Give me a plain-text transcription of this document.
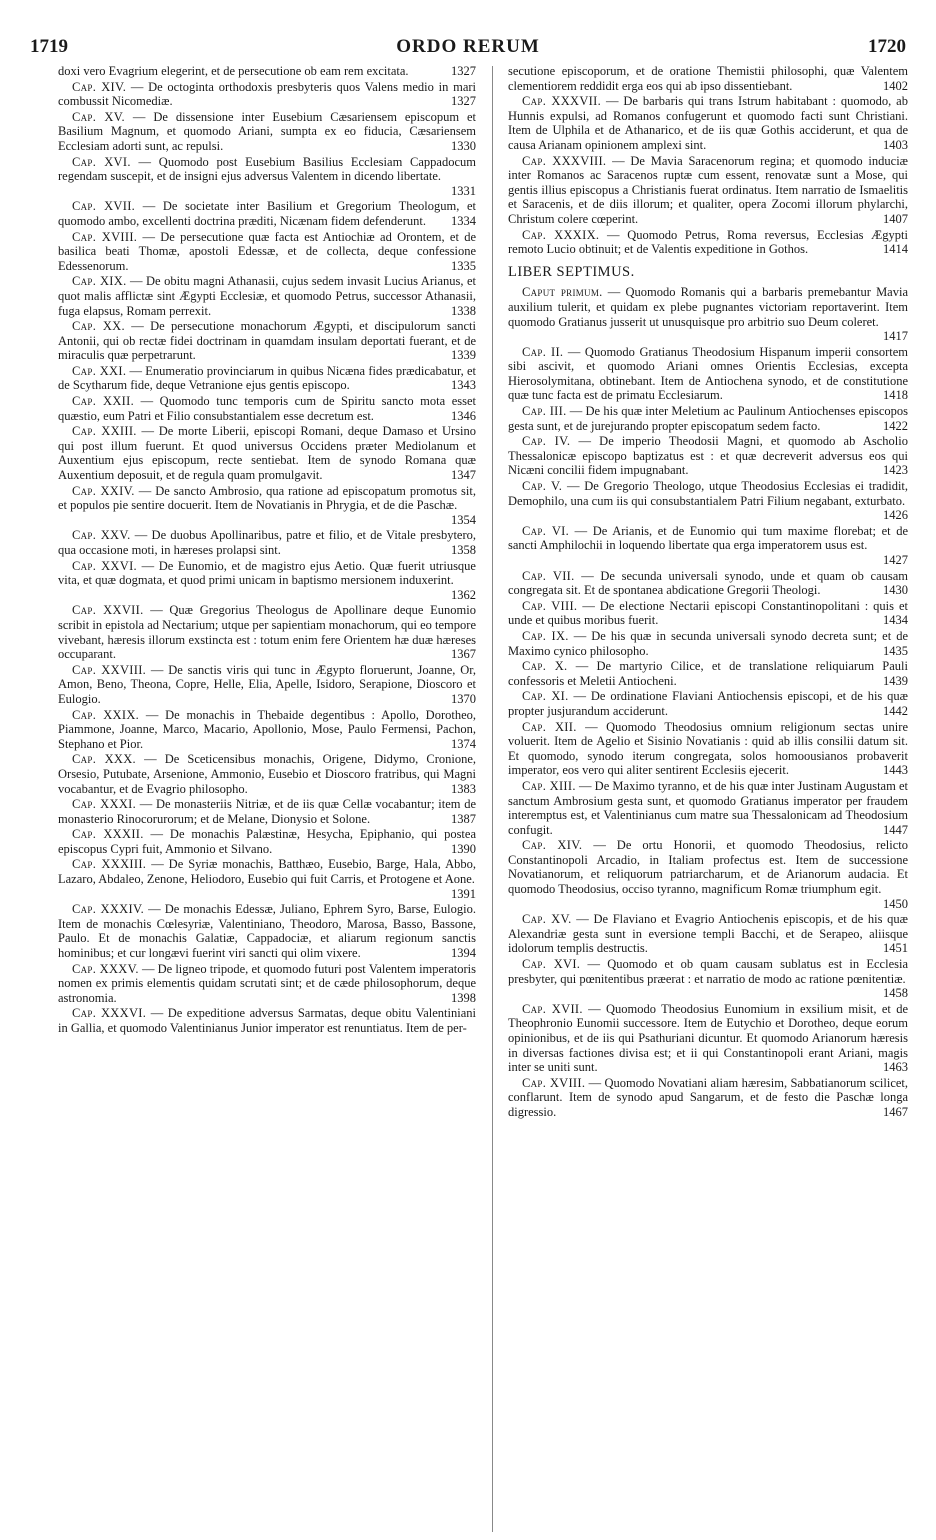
1719	ORDO RERUM	1720
doxi vero Evagrium elegerint, et de persecutione ob eam rem excitata.	1327
Cap. XIV. — De octoginta orthodoxis presbyteris quos Valens medio in mari combussit Nicomediæ.	1327
Cap. XV. — De dissensione inter Eusebium Cæsariensem episcopum et Basilium Magnum, et quomodo Ariani, sumpta ex eo fiducia, Cæsariensem Ecclesiam adorti sunt, ac repulsi.	1330
Cap. XVI. — Quomodo post Eusebium Basilius Ecclesiam Cappadocum regendam suscepit, et de insigni ejus adversus Valentem in dicendo libertate.
1331
Cap. XVII. — De societate inter Basilium et Gregorium Theologum, et quomodo ambo, excellenti doctrina præditi, Nicænam fidem defenderunt.	1334
Cap. XVIII. — De persecutione quæ facta est Antiochiæ ad Orontem, et de basilica beati Thomæ, apostoli Edessæ, et de collecta, deque confessione Edessenorum.	1335
Cap. XIX. — De obitu magni Athanasii, cujus sedem invasit Lucius Arianus, et quot malis afflictæ sint Ægypti Ecclesiæ, et quomodo Petrus, successor Athanasii, fuga elapsus, Romam perrexit.	1338
Cap. XX. — De persecutione monachorum Ægypti, et discipulorum sancti Antonii, qui ob rectæ fidei doctrinam in quamdam insulam deportati fuerant, et de miraculis quæ perpetrarunt.	1339
Cap. XXI. — Enumeratio provinciarum in quibus Nicæna fides prædicabatur, et de Scytharum fide, deque Vetranione ejus gentis episcopo.	1343
Cap. XXII. — Quomodo tunc temporis cum de Spiritu sancto mota esset quæstio, eum Patri et Filio consubstantialem esse decretum est.	1346
Cap. XXIII. — De morte Liberii, episcopi Romani, deque Damaso et Ursino qui post illum fuerunt. Et quod universus Occidens præter Mediolanum et Auxentium ejus episcopum, recte sentiebat. Item de synodo Romana quæ Auxentium deposuit, et de regula quam promulgavit.	1347
Cap. XXIV. — De sancto Ambrosio, qua ratione ad episcopatum promotus sit, et populos pie sentire docuerit. Item de Novatianis in Phrygia, et de die Paschæ.
1354
Cap. XXV. — De duobus Apollinaribus, patre et filio, et de Vitale presbytero, qua occasione moti, in hæreses prolapsi sint.	1358
Cap. XXVI. — De Eunomio, et de magistro ejus Aetio. Quæ fuerit utriusque vita, et quæ dogmata, et quod primi unicam in baptismo mersionem induxerint.
1362
Cap. XXVII. — Quæ Gregorius Theologus de Apollinare deque Eunomio scribit in epistola ad Nectarium; utque per sapientiam monachorum, qui eo tempore vivebant, hæresis illorum exstincta est : totum enim fere Orientem hæ duæ hæreses occuparant.	1367
Cap. XXVIII. — De sanctis viris qui tunc in Ægypto floruerunt, Joanne, Or, Amon, Beno, Theona, Copre, Helle, Elia, Apelle, Isidoro, Serapione, Dioscoro et Eulogio.	1370
Cap. XXIX. — De monachis in Thebaide degentibus : Apollo, Dorotheo, Piammone, Joanne, Marco, Macario, Apollonio, Mose, Paulo Fermensi, Pachon, Stephano et Pior.	1374
Cap. XXX. — De Sceticensibus monachis, Origene, Didymo, Cronione, Orsesio, Putubate, Arsenione, Ammonio, Eusebio et Dioscoro fratribus, qui Magni vocabantur, et de Evagrio philosopho.	1383
Cap. XXXI. — De monasteriis Nitriæ, et de iis quæ Cellæ vocabantur; item de monasterio Rinocorurorum; et de Melane, Dionysio et Solone.	1387
Cap. XXXII. — De monachis Palæstinæ, Hesycha, Epiphanio, qui postea episcopus Cypri fuit, Ammonio et Silvano.	1390
Cap. XXXIII. — De Syriæ monachis, Batthæo, Eusebio, Barge, Hala, Abbo, Lazaro, Abdaleo, Zenone, Heliodoro, Eusebio qui fuit Carris, et Protogene et Aone.
1391
Cap. XXXIV. — De monachis Edessæ, Juliano, Ephrem Syro, Barse, Eulogio. Item de monachis Cœlesyriæ, Valentiniano, Theodoro, Marosa, Basso, Bassone, Paulo. Et de monachis Galatiæ, Cappadociæ, et aliarum regionum sanctis hominibus; et cur longævi fuerint viri sancti qui olim vixere.	1394
Cap. XXXV. — De ligneo tripode, et quomodo futuri post Valentem imperatoris nomen ex primis elementis quidam scrutati sint; et de cæde philosophorum, deque astronomia.	1398
Cap. XXXVI. — De expeditione adversus Sarmatas, deque obitu Valentiniani in Gallia, et quomodo Valentinianus Junior imperator est renuntiatus. Item de per-
secutione episcoporum, et de oratione Themistii philosophi, quæ Valentem clementiorem reddidit erga eos qui ab ipso dissentiebant.	1402
Cap. XXXVII. — De barbaris qui trans Istrum habitabant : quomodo, ab Hunnis expulsi, ad Romanos confugerunt et quomodo facti sunt Christiani. Item de Ulphila et de Athanarico, et de iis quæ Gothis acciderunt, et qua de causa Arianam opinionem amplexi sint.	1403
Cap. XXXVIII. — De Mavia Saracenorum regina; et quomodo induciæ inter Romanos ac Saracenos ruptæ cum essent, renovatæ sunt a Mose, qui gentis illius episcopus a Christianis fuerat ordinatus. Item narratio de Ismaelitis et Saracenis, et de diis illorum; et qualiter, opera Zocomi illorum phylarchi, Christum colere cœperint.	1407
Cap. XXXIX. — Quomodo Petrus, Roma reversus, Ecclesias Ægypti remoto Lucio obtinuit; et de Valentis expeditione in Gothos.	1414
LIBER SEPTIMUS.
Caput primum. — Quomodo Romanis qui a barbaris premebantur Mavia auxilium tulerit, et quidam ex plebe pugnantes victoriam reportaverint. Item quomodo Gratianus jusserit ut unusquisque pro arbitrio suo Deum coleret.
1417
Cap. II. — Quomodo Gratianus Theodosium Hispanum imperii consortem sibi ascivit, et quomodo Ariani omnes Orientis Ecclesias, excepta Hierosolymitana, obtinebant. Item de Antiochena synodo, et de constitutione quæ tunc facta est de primatu Ecclesiarum.	1418
Cap. III. — De his quæ inter Meletium ac Paulinum Antiochenses episcopos gesta sunt, et de jurejurando propter episcopatum sedem facto.	1422
Cap. IV. — De imperio Theodosii Magni, et quomodo ab Ascholio Thessalonicæ episcopo baptizatus est : et quæ decreverit adversus eos qui Nicæni concilii fidem impugnabant.	1423
Cap. V. — De Gregorio Theologo, utque Theodosius Ecclesias ei tradidit, Demophilo, una cum iis qui consubstantialem Patri Filium negabant, exturbato.
1426
Cap. VI. — De Arianis, et de Eunomio qui tum maxime florebat; et de sancti Amphilochii in loquendo libertate qua erga imperatorem usus est.
1427
Cap. VII. — De secunda universali synodo, unde et quam ob causam congregata sit. Et de spontanea abdicatione Gregorii Theologi.	1430
Cap. VIII. — De electione Nectarii episcopi Constantinopolitani : quis et unde et quibus moribus fuerit.	1434
Cap. IX. — De his quæ in secunda universali synodo decreta sunt; et de Maximo cynico philosopho.	1435
Cap. X. — De martyrio Cilice, et de translatione reliquiarum Pauli confessoris et Meletii Antiocheni.	1439
Cap. XI. — De ordinatione Flaviani Antiochensis episcopi, et de his quæ propter jusjurandum acciderunt.	1442
Cap. XII. — Quomodo Theodosius omnium religionum sectas unire voluerit. Item de Agelio et Sisinio Novatianis : quid ab illis consilii datum sit. Et quomodo, synodo iterum congregata, solos homoousianos probaverit imperator, eos vero qui aliter sentirent Ecclesiis ejecerit.	1443
Cap. XIII. — De Maximo tyranno, et de his quæ inter Justinam Augustam et sanctum Ambrosium gesta sunt, et quomodo Gratianus imperator per fraudem interemptus est, et Valentinianus cum matre sua Thessalonicam ad Theodosium confugit.	1447
Cap. XIV. — De ortu Honorii, et quomodo Theodosius, relicto Constantinopoli Arcadio, in Italiam profectus est. Item de successione Novatianorum, et reliquorum patriarcharum, et de Arianorum audacia. Et quomodo Theodosius, occiso tyranno, magnificum Romæ triumphum egit.
1450
Cap. XV. — De Flaviano et Evagrio Antiochenis episcopis, et de his quæ Alexandriæ gesta sunt in eversione templi Bacchi, et de Serapeo, aliisque idolorum templis destructis.	1451
Cap. XVI. — Quomodo et ob quam causam sublatus est in Ecclesia presbyter, qui pœnitentibus præerat : et narratio de modo ac ratione pœnitentiæ.
1458
Cap. XVII. — Quomodo Theodosius Eunomium in exsilium misit, et de Theophronio Eunomii successore. Item de Eutychio et Dorotheo, deque eorum opinionibus, et de iis qui Psathuriani dicuntur. Et quomodo Arianorum hæresis in diversas factiones divisa est; et ii qui Constantinopoli erant Ariani, magis inter se uniti sunt.	1463
Cap. XVIII. — Quomodo Novatiani aliam hæresim, Sabbatianorum scilicet, conflarunt. Item de synodo apud Sangarum, et de festo die Paschæ longa digressio.	1467
